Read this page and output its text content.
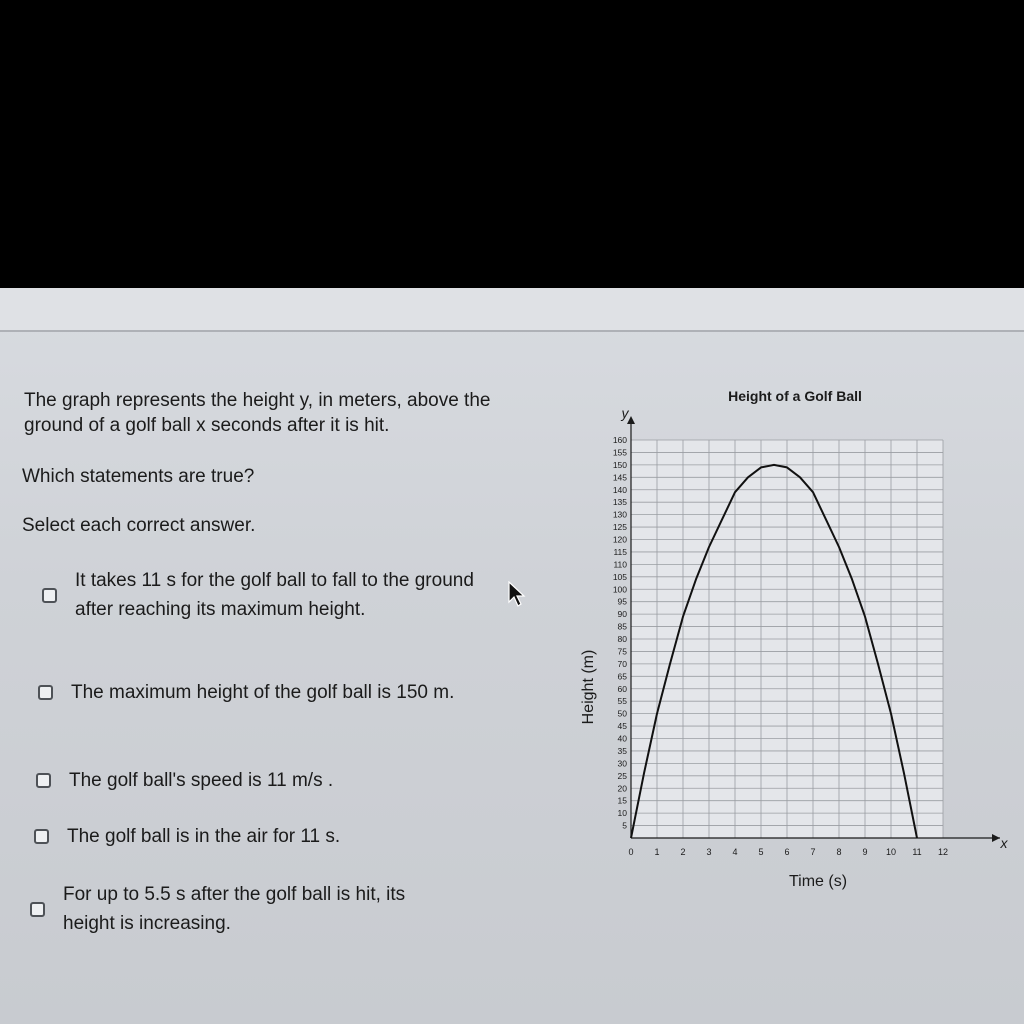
The graph represents the height y, in meters, above the ground of a golf ball x seconds after it is hit.
Which statements are true?
Select each correct answer.
It takes 11 s for the golf ball to fall to the ground after reaching its maximum height.
The maximum height of the golf ball is 150 m.
The golf ball's speed is 11 m/s .
The golf ball is in the air for 11 s.
For up to 5.5 s after the golf ball is hit, its height is increasing.
Height of a Golf Ball
y
x
Height (m)
Time (s)
5
10
15
20
25
30
35
40
45
50
55
60
65
70
75
80
85
90
95
100
105
110
115
120
125
130
135
140
145
150
155
160
0 1 2 3 4 5 6 7 8 9 10 11 12
